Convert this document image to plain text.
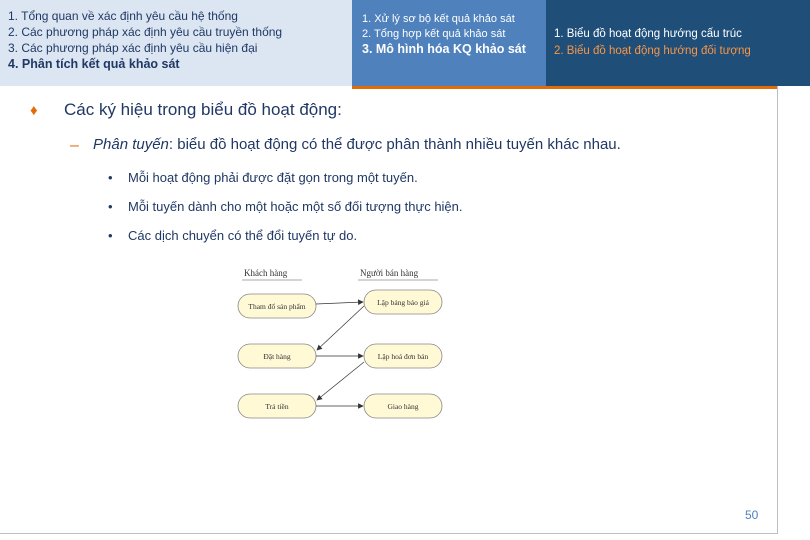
1. Tổng quan về xác định yêu cầu hệ thống
2. Các phương pháp xác định yêu cầu truyền thống
3. Các phương pháp xác định yêu cầu hiện đại
4. Phân tích kết quả khảo sát
1. Xử lý sơ bộ kết quả khảo sát
2. Tổng hợp kết quả khảo sát
3. Mô hình hóa KQ khảo sát
1. Biểu đồ hoạt động hướng cấu trúc
2. Biểu đồ hoạt động hướng đối tượng
♦ Các ký hiệu trong biểu đồ hoạt động:
– Phân tuyến: biểu đồ hoạt động có thể được phân thành nhiều tuyến khác nhau.
• Mỗi hoạt động phải được đặt gọn trong một tuyến.
• Mỗi tuyến dành cho một hoặc một số đối tượng thực hiện.
• Các dịch chuyển có thể đổi tuyến tự do.
Khách hàng	Người bán hàng
Tham đổ sản phẩm
Đặt hàng
Trả tiền
Lập bảng báo giá
Lập hoá đơn bán
Giao hàng
50
